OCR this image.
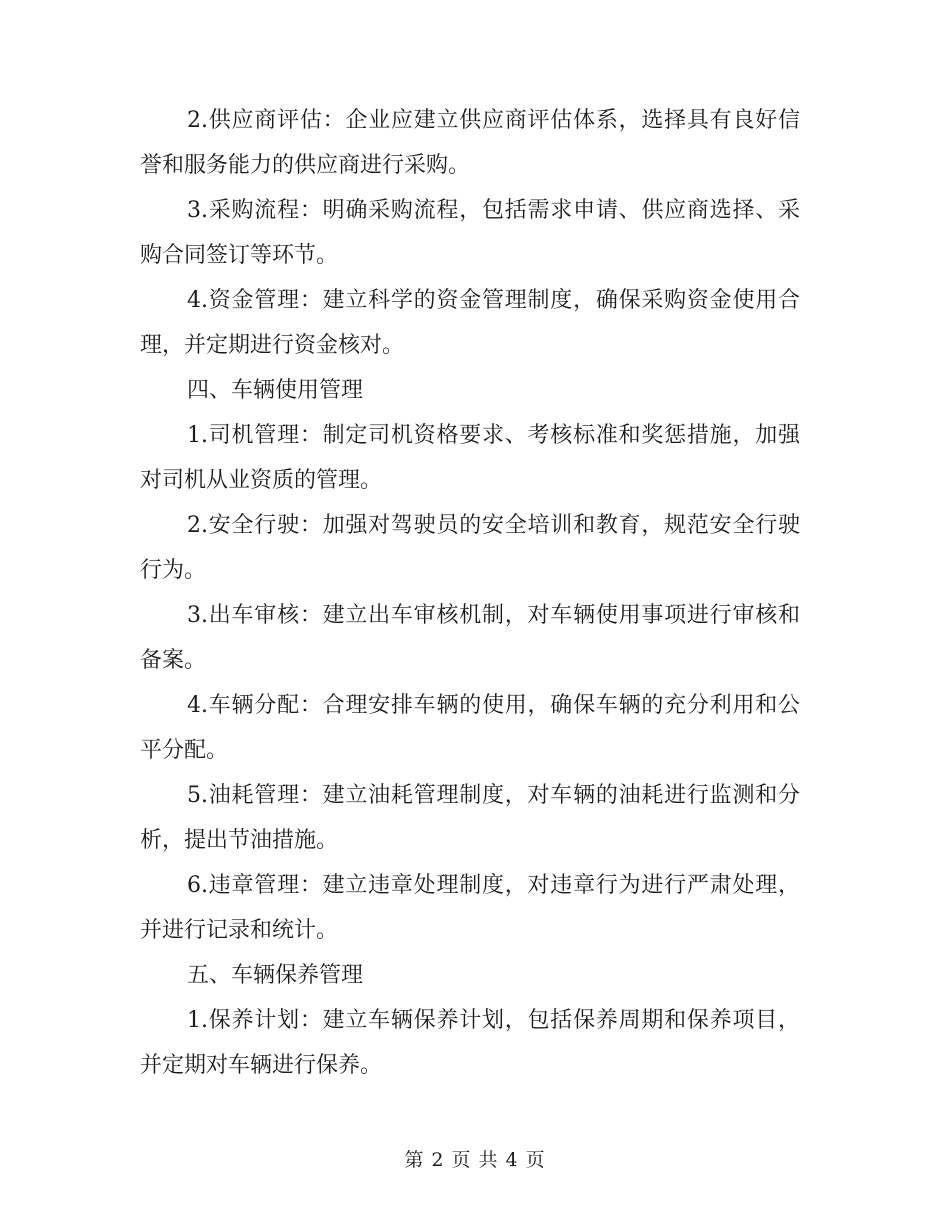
2.供应商评估：企业应建立供应商评估体系，选择具有良好信誉和服务能力的供应商进行采购。

3.采购流程：明确采购流程，包括需求申请、供应商选择、采购合同签订等环节。

4.资金管理：建立科学的资金管理制度，确保采购资金使用合理，并定期进行资金核对。

四、车辆使用管理

1.司机管理：制定司机资格要求、考核标准和奖惩措施，加强对司机从业资质的管理。

2.安全行驶：加强对驾驶员的安全培训和教育，规范安全行驶行为。

3.出车审核：建立出车审核机制，对车辆使用事项进行审核和备案。

4.车辆分配：合理安排车辆的使用，确保车辆的充分利用和公平分配。

5.油耗管理：建立油耗管理制度，对车辆的油耗进行监测和分析，提出节油措施。

6.违章管理：建立违章处理制度，对违章行为进行严肃处理，并进行记录和统计。

五、车辆保养管理

1.保养计划：建立车辆保养计划，包括保养周期和保养项目，并定期对车辆进行保养。

第 2 页 共 4 页
